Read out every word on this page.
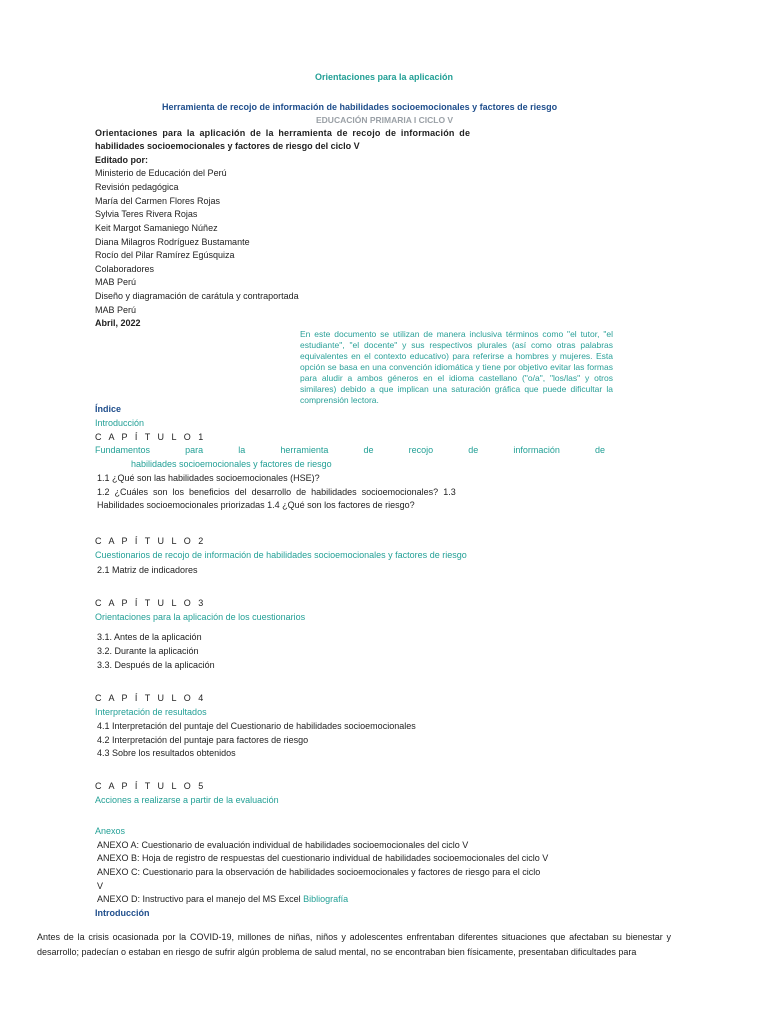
Orientaciones para la aplicación
Herramienta de recojo de información de habilidades socioemocionales y factores de riesgo
EDUCACIÓN PRIMARIA I CICLO V
Orientaciones para la aplicación de la herramienta de recojo de información de
habilidades socioemocionales y factores de riesgo del ciclo V
Editado por:
Ministerio de Educación del Perú
Revisión pedagógica
María del Carmen Flores Rojas
Sylvia Teres Rivera Rojas
Keit Margot Samaniego Núñez
Diana Milagros Rodríguez Bustamante
Rocío del Pilar Ramírez Egúsquiza
Colaboradores
MAB Perú
Diseño y diagramación de carátula y contraportada
MAB Perú
Abril, 2022
En este documento se utilizan de manera inclusiva términos como "el tutor, "el estudiante", "el docente" y sus respectivos plurales (así como otras palabras equivalentes en el contexto educativo) para referirse a hombres y mujeres. Esta opción se basa en una convención idiomática y tiene por objetivo evitar las formas para aludir a ambos géneros en el idioma castellano ("o/a", "los/las" y otros similares) debido a que implican una saturación gráfica que puede dificultar la comprensión lectora.
Índice
Introducción
C A P Í T U L O 1
Fundamentos para la herramienta de recojo de información de
habilidades socioemocionales y factores de riesgo
1.1 ¿Qué son las habilidades socioemocionales (HSE)?
1.2 ¿Cuáles son los beneficios del desarrollo de habilidades socioemocionales? 1.3
Habilidades socioemocionales priorizadas 1.4 ¿Qué son los factores de riesgo?
C A P Í T U L O 2
Cuestionarios de recojo de información de habilidades socioemocionales y factores de riesgo
2.1 Matriz de indicadores
C A P Í T U L O 3
Orientaciones para la aplicación de los cuestionarios
3.1. Antes de la aplicación
3.2. Durante la aplicación
3.3. Después de la aplicación
C A P Í T U L O 4
Interpretación de resultados
4.1 Interpretación del puntaje del Cuestionario de habilidades socioemocionales
4.2 Interpretación del puntaje para factores de riesgo
4.3 Sobre los resultados obtenidos
C A P Í T U L O 5
Acciones a realizarse a partir de la evaluación
Anexos
ANEXO A: Cuestionario de evaluación individual de habilidades socioemocionales del ciclo V
ANEXO B: Hoja de registro de respuestas del cuestionario individual de habilidades socioemocionales del ciclo V
ANEXO C: Cuestionario para la observación de habilidades socioemocionales y factores de riesgo para el ciclo
V
ANEXO D: Instructivo para el manejo del MS Excel Bibliografía
Introducción
Antes de la crisis ocasionada por la COVID-19, millones de niñas, niños y adolescentes enfrentaban diferentes situaciones que afectaban su bienestar y desarrollo; padecían o estaban en riesgo de sufrir algún problema de salud mental, no se encontraban bien físicamente, presentaban dificultades para
